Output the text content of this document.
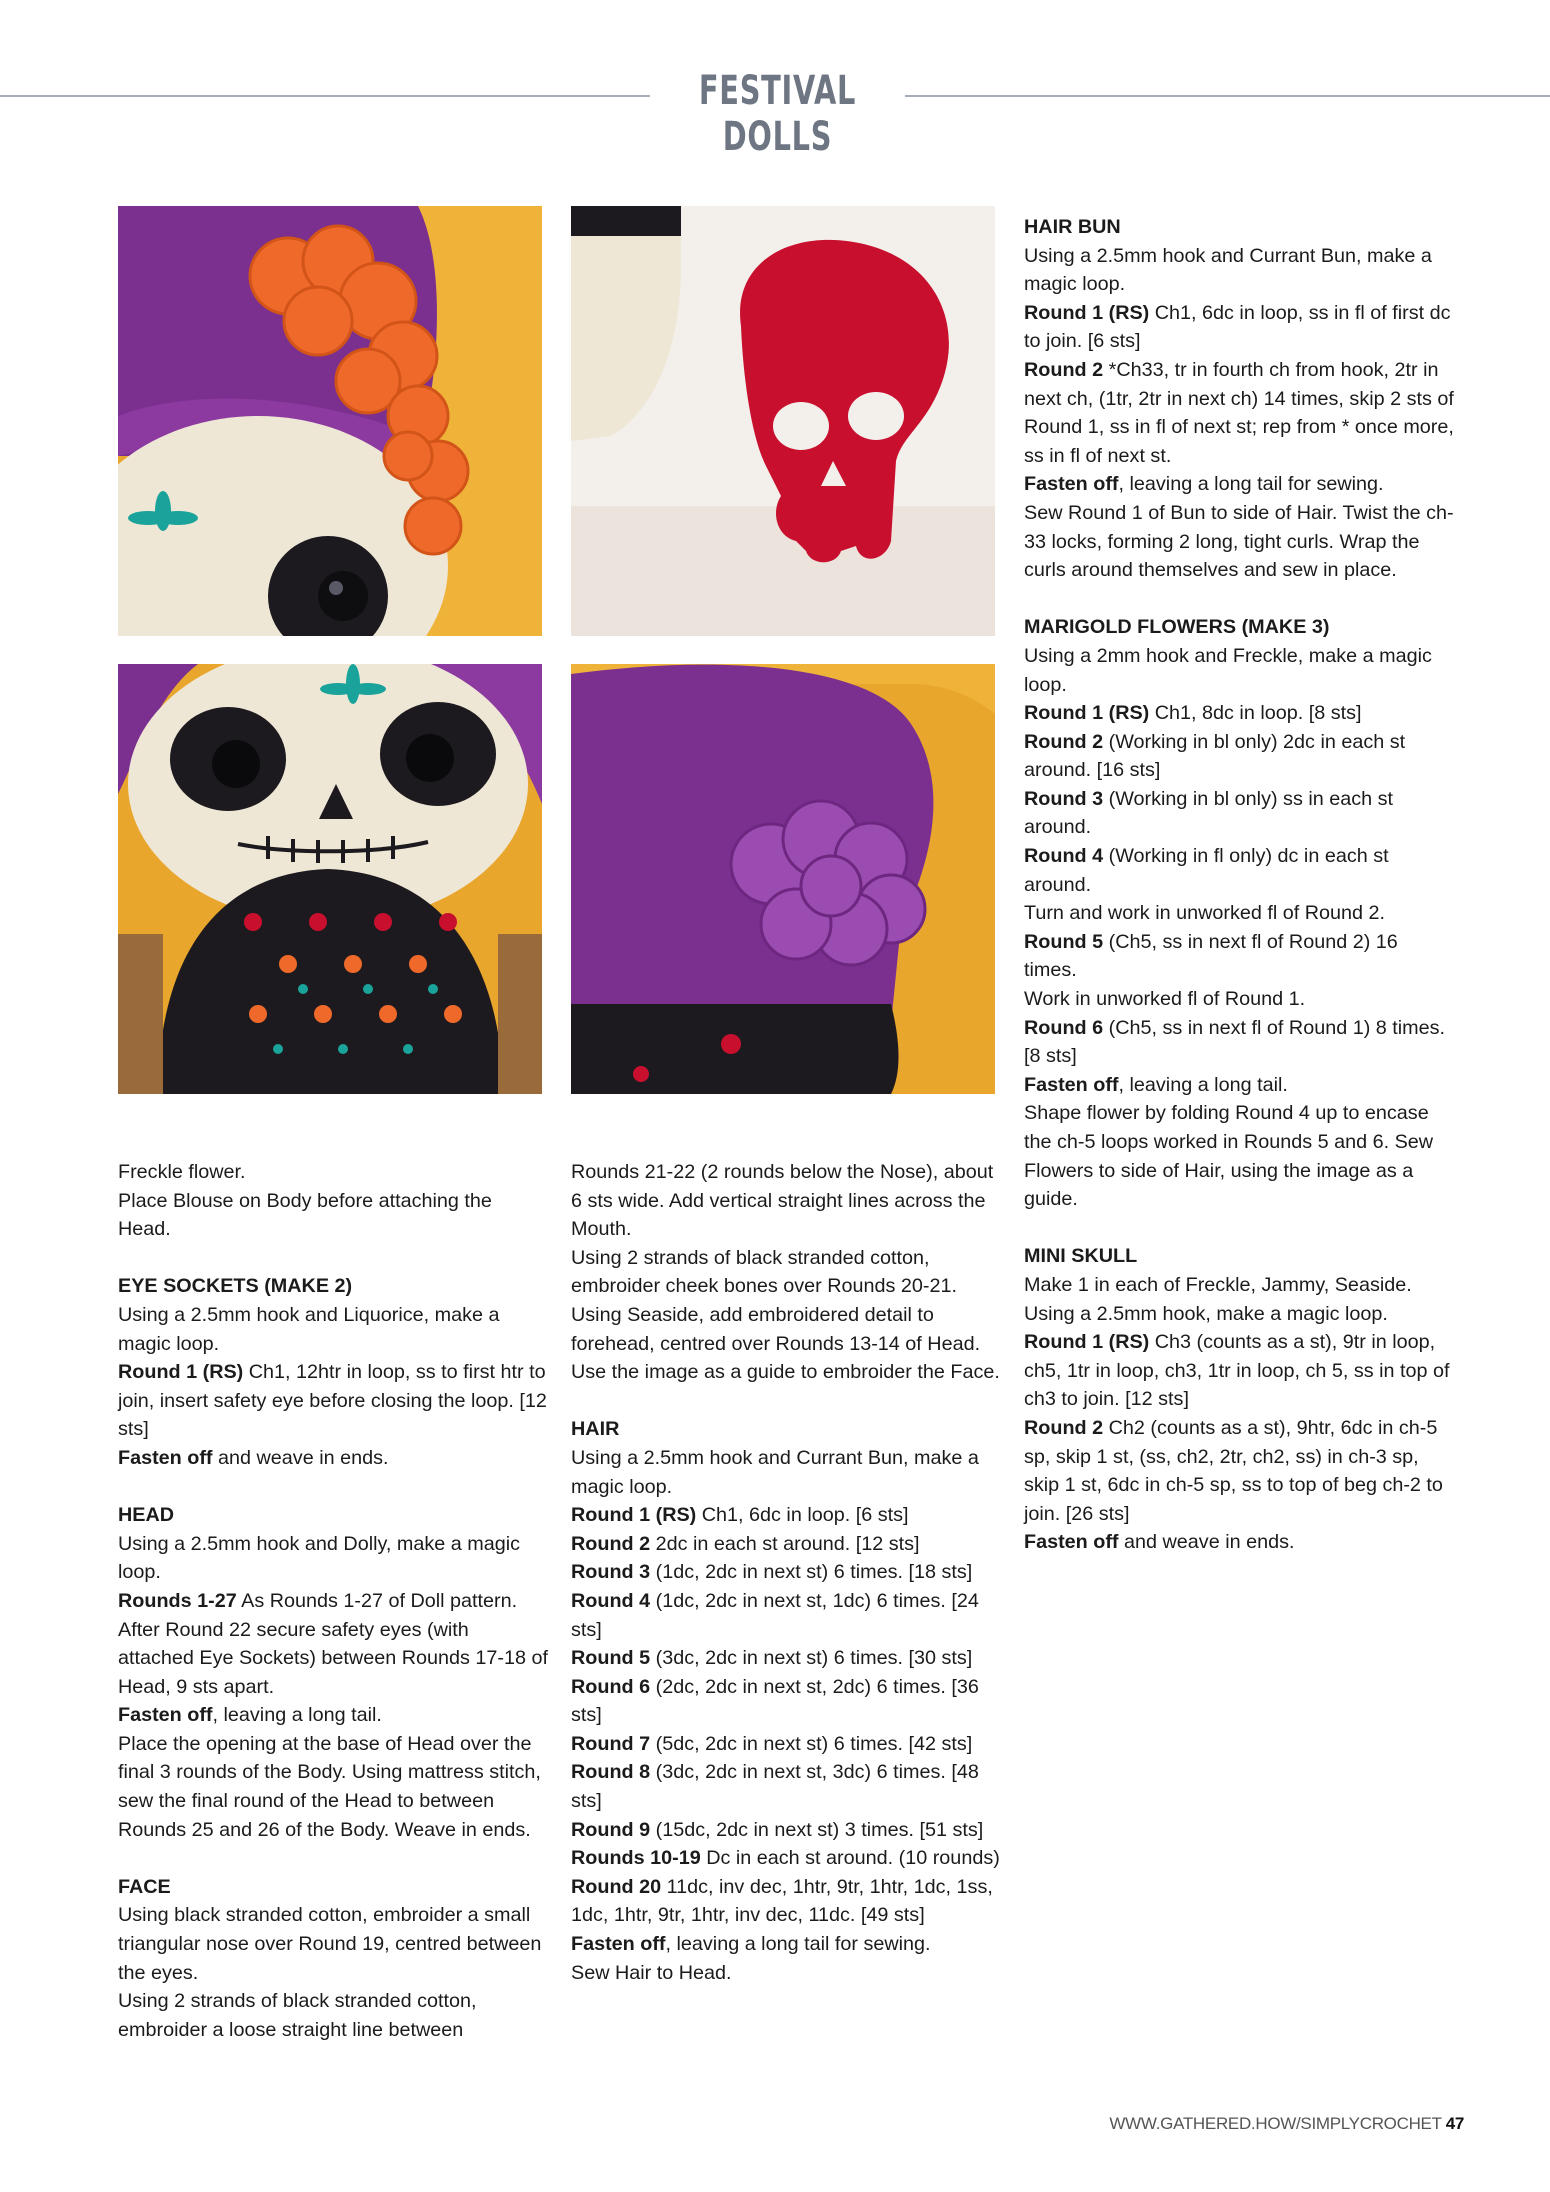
FESTIVAL DOLLS

Freckle flower.

Place Blouse on Body before attaching the Head.

EYE SOCKETS (MAKE 2)

Using a 2.5mm hook and Liquorice, make a magic loop.

Round 1 (RS) Ch1, 12htr in loop, ss to first htr to join, insert safety eye before closing the loop. [12 sts]

Fasten off and weave in ends.

HEAD

Using a 2.5mm hook and Dolly, make a magic loop.

Rounds 1-27 As Rounds 1-27 of Doll pattern. After Round 22 secure safety eyes (with attached Eye Sockets) between Rounds 17-18 of Head, 9 sts apart.

Fasten off, leaving a long tail.

Place the opening at the base of Head over the final 3 rounds of the Body. Using mattress stitch, sew the final round of the Head to between Rounds 25 and 26 of the Body. Weave in ends.

FACE

Using black stranded cotton, embroider a small triangular nose over Round 19, centred between the eyes.

Using 2 strands of black stranded cotton, embroider a loose straight line between

Rounds 21-22 (2 rounds below the Nose), about 6 sts wide. Add vertical straight lines across the Mouth.

Using 2 strands of black stranded cotton, embroider cheek bones over Rounds 20-21.

Using Seaside, add embroidered detail to forehead, centred over Rounds 13-14 of Head.

Use the image as a guide to embroider the Face.

HAIR

Using a 2.5mm hook and Currant Bun, make a magic loop.

Round 1 (RS) Ch1, 6dc in loop. [6 sts]

Round 2 2dc in each st around. [12 sts]

Round 3 (1dc, 2dc in next st) 6 times. [18 sts]

Round 4 (1dc, 2dc in next st, 1dc) 6 times. [24 sts]

Round 5 (3dc, 2dc in next st) 6 times. [30 sts]

Round 6 (2dc, 2dc in next st, 2dc) 6 times. [36 sts]

Round 7 (5dc, 2dc in next st) 6 times. [42 sts]

Round 8 (3dc, 2dc in next st, 3dc) 6 times. [48 sts]

Round 9 (15dc, 2dc in next st) 3 times. [51 sts]

Rounds 10-19 Dc in each st around. (10 rounds)

Round 20 11dc, inv dec, 1htr, 9tr, 1htr, 1dc, 1ss, 1dc, 1htr, 9tr, 1htr, inv dec, 11dc. [49 sts]

Fasten off, leaving a long tail for sewing.

Sew Hair to Head.

HAIR BUN

Using a 2.5mm hook and Currant Bun, make a magic loop.

Round 1 (RS) Ch1, 6dc in loop, ss in fl of first dc to join. [6 sts]

Round 2 *Ch33, tr in fourth ch from hook, 2tr in next ch, (1tr, 2tr in next ch) 14 times, skip 2 sts of Round 1, ss in fl of next st; rep from * once more, ss in fl of next st.

Fasten off, leaving a long tail for sewing.

Sew Round 1 of Bun to side of Hair. Twist the ch-33 locks, forming 2 long, tight curls. Wrap the curls around themselves and sew in place.

MARIGOLD FLOWERS (MAKE 3)

Using a 2mm hook and Freckle, make a magic loop.

Round 1 (RS) Ch1, 8dc in loop. [8 sts]

Round 2 (Working in bl only) 2dc in each st around. [16 sts]

Round 3 (Working in bl only) ss in each st around.

Round 4 (Working in fl only) dc in each st around.

Turn and work in unworked fl of Round 2.

Round 5 (Ch5, ss in next fl of Round 2) 16 times.

Work in unworked fl of Round 1.

Round 6 (Ch5, ss in next fl of Round 1) 8 times. [8 sts]

Fasten off, leaving a long tail.

Shape flower by folding Round 4 up to encase the ch-5 loops worked in Rounds 5 and 6. Sew Flowers to side of Hair, using the image as a guide.

MINI SKULL

Make 1 in each of Freckle, Jammy, Seaside.

Using a 2.5mm hook, make a magic loop.

Round 1 (RS) Ch3 (counts as a st), 9tr in loop, ch5, 1tr in loop, ch3, 1tr in loop, ch 5, ss in top of ch3 to join. [12 sts]

Round 2 Ch2 (counts as a st), 9htr, 6dc in ch-5 sp, skip 1 st, (ss, ch2, 2tr, ch2, ss) in ch-3 sp, skip 1 st, 6dc in ch-5 sp, ss to top of beg ch-2 to join. [26 sts]

Fasten off and weave in ends.

WWW.GATHERED.HOW/SIMPLYCROCHET 47
